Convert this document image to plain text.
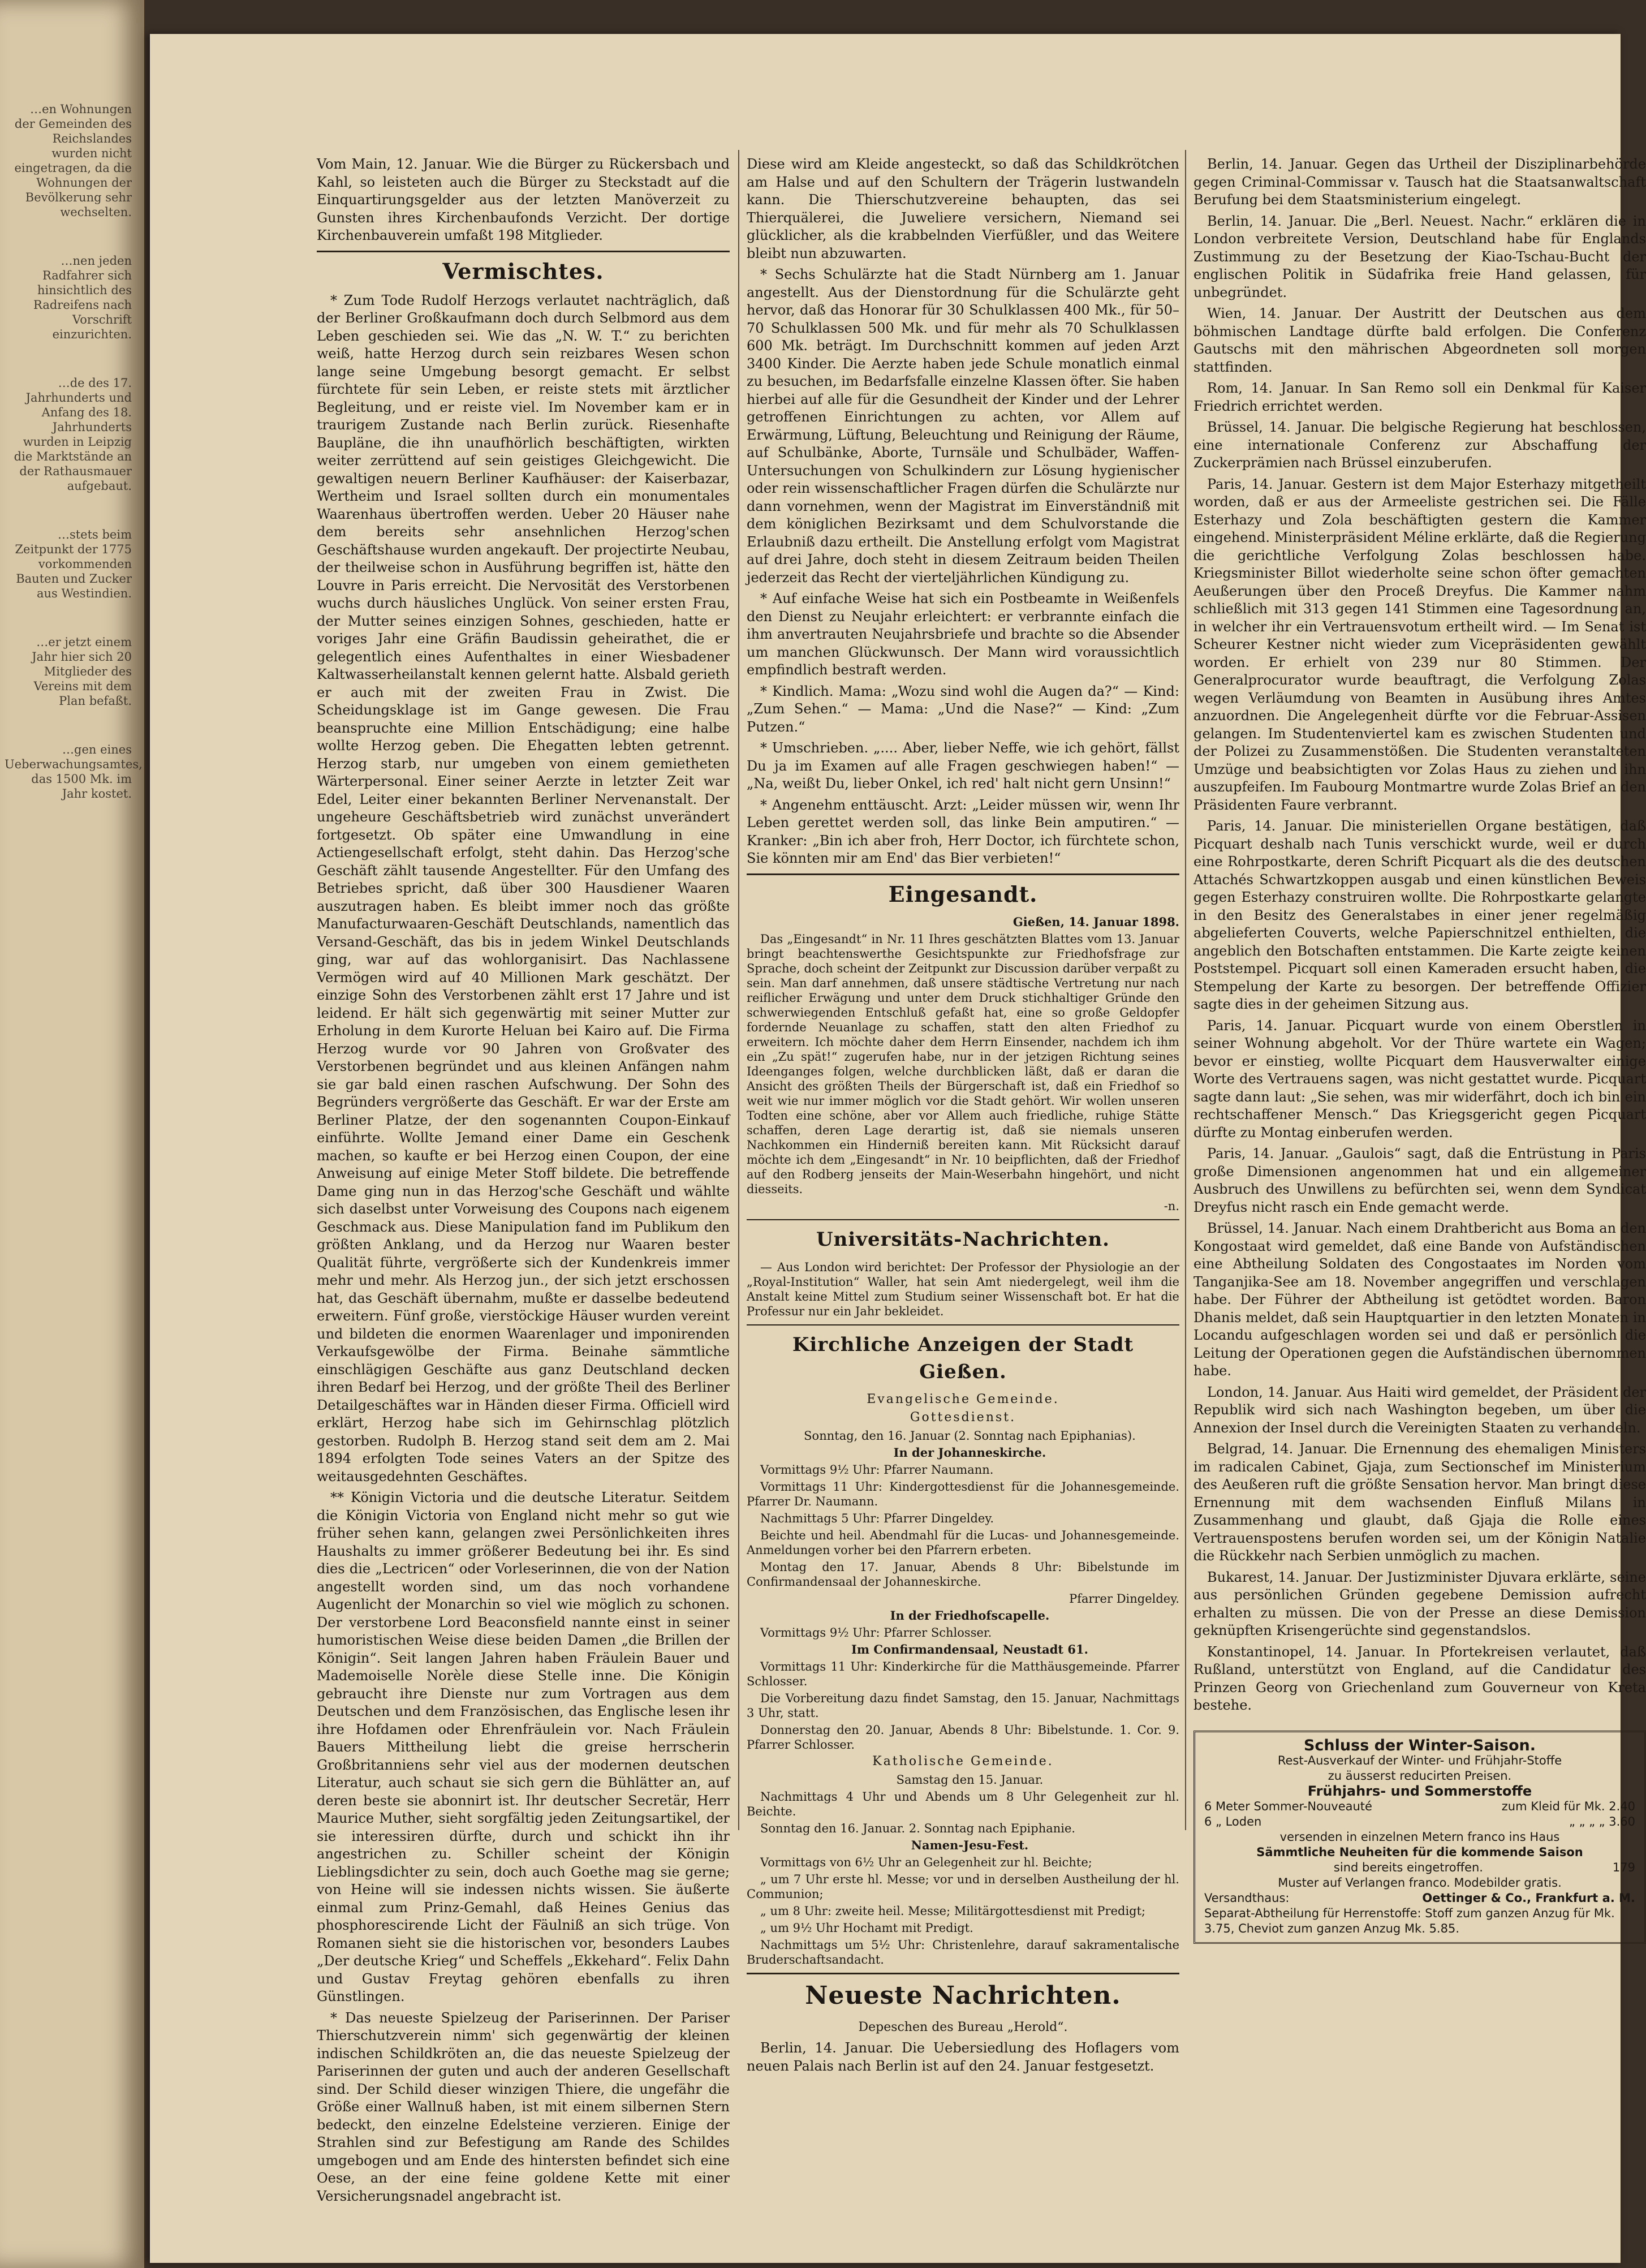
…en Wohnungen der Gemeinden des Reichslandes wurden nicht eingetragen, da die Wohnungen der Bevölkerung sehr wechselten.

…nen jeden Radfahrer sich hinsichtlich des Radreifens nach Vorschrift einzurichten.

…de des 17. Jahrhunderts und Anfang des 18. Jahrhunderts wurden in Leipzig die Marktstände an der Rathausmauer aufgebaut.

…stets beim Zeitpunkt der 1775 vorkommenden Bauten und Zucker aus Westindien.

…er jetzt einem Jahr hier sich 20 Mitglieder des Vereins mit dem Plan befaßt.

…gen eines Ueberwachungsamtes, das 1500 Mk. im Jahr kostet.

Vom Main, 12. Januar. Wie die Bürger zu Rückersbach und Kahl, so leisteten auch die Bürger zu Steckstadt auf die Einquartirungsgelder aus der letzten Manöverzeit zu Gunsten ihres Kirchenbaufonds Verzicht. Der dortige Kirchenbauverein umfaßt 198 Mitglieder.

Vermischtes.

* Zum Tode Rudolf Herzogs verlautet nachträglich, daß der Berliner Großkaufmann doch durch Selbmord aus dem Leben geschieden sei. Wie das „N. W. T.“ zu berichten weiß, hatte Herzog durch sein reizbares Wesen schon lange seine Umgebung besorgt gemacht. Er selbst fürchtete für sein Leben, er reiste stets mit ärztlicher Begleitung, und er reiste viel. Im November kam er in traurigem Zustande nach Berlin zurück. Riesenhafte Baupläne, die ihn unaufhörlich beschäftigten, wirkten weiter zerrüttend auf sein geistiges Gleichgewicht. Die gewaltigen neuern Berliner Kaufhäuser: der Kaiserbazar, Wertheim und Israel sollten durch ein monumentales Waarenhaus übertroffen werden. Ueber 20 Häuser nahe dem bereits sehr ansehnlichen Herzog'schen Geschäftshause wurden angekauft. Der projectirte Neubau, der theilweise schon in Ausführung begriffen ist, hätte den Louvre in Paris erreicht. Die Nervosität des Verstorbenen wuchs durch häusliches Unglück. Von seiner ersten Frau, der Mutter seines einzigen Sohnes, geschieden, hatte er voriges Jahr eine Gräfin Baudissin geheirathet, die er gelegentlich eines Aufenthaltes in einer Wiesbadener Kaltwasserheilanstalt kennen gelernt hatte. Alsbald gerieth er auch mit der zweiten Frau in Zwist. Die Scheidungsklage ist im Gange gewesen. Die Frau beanspruchte eine Million Entschädigung; eine halbe wollte Herzog geben. Die Ehegatten lebten getrennt. Herzog starb, nur umgeben von einem gemietheten Wärterpersonal. Einer seiner Aerzte in letzter Zeit war Edel, Leiter einer bekannten Berliner Nervenanstalt. Der ungeheure Geschäftsbetrieb wird zunächst unverändert fortgesetzt. Ob später eine Umwandlung in eine Actiengesellschaft erfolgt, steht dahin. Das Herzog'sche Geschäft zählt tausende Angestellter. Für den Umfang des Betriebes spricht, daß über 300 Hausdiener Waaren auszutragen haben. Es bleibt immer noch das größte Manufacturwaaren-Geschäft Deutschlands, namentlich das Versand-Geschäft, das bis in jedem Winkel Deutschlands ging, war auf das wohlorganisirt. Das Nachlassene Vermögen wird auf 40 Millionen Mark geschätzt. Der einzige Sohn des Verstorbenen zählt erst 17 Jahre und ist leidend. Er hält sich gegenwärtig mit seiner Mutter zur Erholung in dem Kurorte Heluan bei Kairo auf. Die Firma Herzog wurde vor 90 Jahren von Großvater des Verstorbenen begründet und aus kleinen Anfängen nahm sie gar bald einen raschen Aufschwung. Der Sohn des Begründers vergrößerte das Geschäft. Er war der Erste am Berliner Platze, der den sogenannten Coupon-Einkauf einführte. Wollte Jemand einer Dame ein Geschenk machen, so kaufte er bei Herzog einen Coupon, der eine Anweisung auf einige Meter Stoff bildete. Die betreffende Dame ging nun in das Herzog'sche Geschäft und wählte sich daselbst unter Vorweisung des Coupons nach eigenem Geschmack aus. Diese Manipulation fand im Publikum den größten Anklang, und da Herzog nur Waaren bester Qualität führte, vergrößerte sich der Kundenkreis immer mehr und mehr. Als Herzog jun., der sich jetzt erschossen hat, das Geschäft übernahm, mußte er dasselbe bedeutend erweitern. Fünf große, vierstöckige Häuser wurden vereint und bildeten die enormen Waarenlager und imponirenden Verkaufsgewölbe der Firma. Beinahe sämmtliche einschlägigen Geschäfte aus ganz Deutschland decken ihren Bedarf bei Herzog, und der größte Theil des Berliner Detailgeschäftes war in Händen dieser Firma. Officiell wird erklärt, Herzog habe sich im Gehirnschlag plötzlich gestorben. Rudolph B. Herzog stand seit dem am 2. Mai 1894 erfolgten Tode seines Vaters an der Spitze des weitausgedehnten Geschäftes.

** Königin Victoria und die deutsche Literatur. Seitdem die Königin Victoria von England nicht mehr so gut wie früher sehen kann, gelangen zwei Persönlichkeiten ihres Haushalts zu immer größerer Bedeutung bei ihr. Es sind dies die „Lectricen“ oder Vorleserinnen, die von der Nation angestellt worden sind, um das noch vorhandene Augenlicht der Monarchin so viel wie möglich zu schonen. Der verstorbene Lord Beaconsfield nannte einst in seiner humoristischen Weise diese beiden Damen „die Brillen der Königin“. Seit langen Jahren haben Fräulein Bauer und Mademoiselle Norèle diese Stelle inne. Die Königin gebraucht ihre Dienste nur zum Vortragen aus dem Deutschen und dem Französischen, das Englische lesen ihr ihre Hofdamen oder Ehrenfräulein vor. Nach Fräulein Bauers Mittheilung liebt die greise herrscherin Großbritanniens sehr viel aus der modernen deutschen Literatur, auch schaut sie sich gern die Bühlätter an, auf deren beste sie abonnirt ist. Ihr deutscher Secretär, Herr Maurice Muther, sieht sorgfältig jeden Zeitungsartikel, der sie interessiren dürfte, durch und schickt ihn ihr angestrichen zu. Schiller scheint der Königin Lieblingsdichter zu sein, doch auch Goethe mag sie gerne; von Heine will sie indessen nichts wissen. Sie äußerte einmal zum Prinz-Gemahl, daß Heines Genius das phosphorescirende Licht der Fäulniß an sich trüge. Von Romanen sieht sie die historischen vor, besonders Laubes „Der deutsche Krieg“ und Scheffels „Ekkehard“. Felix Dahn und Gustav Freytag gehören ebenfalls zu ihren Günstlingen.

* Das neueste Spielzeug der Pariserinnen. Der Pariser Thierschutzverein nimm' sich gegenwärtig der kleinen indischen Schildkröten an, die das neueste Spielzeug der Pariserinnen der guten und auch der anderen Gesellschaft sind. Der Schild dieser winzigen Thiere, die ungefähr die Größe einer Wallnuß haben, ist mit einem silbernen Stern bedeckt, den einzelne Edelsteine verzieren. Einige der Strahlen sind zur Befestigung am Rande des Schildes umgebogen und am Ende des hintersten befindet sich eine Oese, an der eine feine goldene Kette mit einer Versicherungsnadel angebracht ist.

Diese wird am Kleide angesteckt, so daß das Schildkrötchen am Halse und auf den Schultern der Trägerin lustwandeln kann. Die Thierschutzvereine behaupten, das sei Thierquälerei, die Juweliere versichern, Niemand sei glücklicher, als die krabbelnden Vierfüßler, und das Weitere bleibt nun abzuwarten.

* Sechs Schulärzte hat die Stadt Nürnberg am 1. Januar angestellt. Aus der Dienstordnung für die Schulärzte geht hervor, daß das Honorar für 30 Schulklassen 400 Mk., für 50–70 Schulklassen 500 Mk. und für mehr als 70 Schulklassen 600 Mk. beträgt. Im Durchschnitt kommen auf jeden Arzt 3400 Kinder. Die Aerzte haben jede Schule monatlich einmal zu besuchen, im Bedarfsfalle einzelne Klassen öfter. Sie haben hierbei auf alle für die Gesundheit der Kinder und der Lehrer getroffenen Einrichtungen zu achten, vor Allem auf Erwärmung, Lüftung, Beleuchtung und Reinigung der Räume, auf Schulbänke, Aborte, Turnsäle und Schulbäder, Waffen-Untersuchungen von Schulkindern zur Lösung hygienischer oder rein wissenschaftlicher Fragen dürfen die Schulärzte nur dann vornehmen, wenn der Magistrat im Einverständniß mit dem königlichen Bezirksamt und dem Schulvorstande die Erlaubniß dazu ertheilt. Die Anstellung erfolgt vom Magistrat auf drei Jahre, doch steht in diesem Zeitraum beiden Theilen jederzeit das Recht der vierteljährlichen Kündigung zu.

* Auf einfache Weise hat sich ein Postbeamte in Weißenfels den Dienst zu Neujahr erleichtert: er verbrannte einfach die ihm anvertrauten Neujahrsbriefe und brachte so die Absender um manchen Glückwunsch. Der Mann wird voraussichtlich empfindlich bestraft werden.

* Kindlich. Mama: „Wozu sind wohl die Augen da?“ — Kind: „Zum Sehen.“ — Mama: „Und die Nase?“ — Kind: „Zum Putzen.“

* Umschrieben. „.... Aber, lieber Neffe, wie ich gehört, fällst Du ja im Examen auf alle Fragen geschwiegen haben!“ — „Na, weißt Du, lieber Onkel, ich red' halt nicht gern Unsinn!“

* Angenehm enttäuscht. Arzt: „Leider müssen wir, wenn Ihr Leben gerettet werden soll, das linke Bein amputiren.“ — Kranker: „Bin ich aber froh, Herr Doctor, ich fürchtete schon, Sie könnten mir am End' das Bier verbieten!“

Eingesandt.

Gießen, 14. Januar 1898.

Das „Eingesandt“ in Nr. 11 Ihres geschätzten Blattes vom 13. Januar bringt beachtenswerthe Gesichtspunkte zur Friedhofsfrage zur Sprache, doch scheint der Zeitpunkt zur Discussion darüber verpaßt zu sein. Man darf annehmen, daß unsere städtische Vertretung nur nach reiflicher Erwägung und unter dem Druck stichhaltiger Gründe den schwerwiegenden Entschluß gefaßt hat, eine so große Geldopfer fordernde Neuanlage zu schaffen, statt den alten Friedhof zu erweitern. Ich möchte daher dem Herrn Einsender, nachdem ich ihm ein „Zu spät!“ zugerufen habe, nur in der jetzigen Richtung seines Ideenganges folgen, welche durchblicken läßt, daß er daran die Ansicht des größten Theils der Bürgerschaft ist, daß ein Friedhof so weit wie nur immer möglich vor die Stadt gehört. Wir wollen unseren Todten eine schöne, aber vor Allem auch friedliche, ruhige Stätte schaffen, deren Lage derartig ist, daß sie niemals unseren Nachkommen ein Hinderniß bereiten kann. Mit Rücksicht darauf möchte ich dem „Eingesandt“ in Nr. 10 beipflichten, daß der Friedhof auf den Rodberg jenseits der Main-Weserbahn hingehört, und nicht diesseits.

-n.

Universitäts-Nachrichten.

— Aus London wird berichtet: Der Professor der Physiologie an der „Royal-Institution“ Waller, hat sein Amt niedergelegt, weil ihm die Anstalt keine Mittel zum Studium seiner Wissenschaft bot. Er hat die Professur nur ein Jahr bekleidet.

Kirchliche Anzeigen der Stadt Gießen.
Evangelische Gemeinde.
Gottesdienst.

Sonntag, den 16. Januar (2. Sonntag nach Epiphanias).

In der Johanneskirche.

Vormittags 9½ Uhr: Pfarrer Naumann.

Vormittags 11 Uhr: Kindergottesdienst für die Johannesgemeinde. Pfarrer Dr. Naumann.

Nachmittags 5 Uhr: Pfarrer Dingeldey.

Beichte und heil. Abendmahl für die Lucas- und Johannesgemeinde. Anmeldungen vorher bei den Pfarrern erbeten.

Montag den 17. Januar, Abends 8 Uhr: Bibelstunde im Confirmandensaal der Johanneskirche.

Pfarrer Dingeldey.

In der Friedhofscapelle.

Vormittags 9½ Uhr: Pfarrer Schlosser.

Im Confirmandensaal, Neustadt 61.

Vormittags 11 Uhr: Kinderkirche für die Matthäusgemeinde. Pfarrer Schlosser.

Die Vorbereitung dazu findet Samstag, den 15. Januar, Nachmittags 3 Uhr, statt.

Donnerstag den 20. Januar, Abends 8 Uhr: Bibelstunde. 1. Cor. 9. Pfarrer Schlosser.

Katholische Gemeinde.

Samstag den 15. Januar.

Nachmittags 4 Uhr und Abends um 8 Uhr Gelegenheit zur hl. Beichte.

Sonntag den 16. Januar. 2. Sonntag nach Epiphanie.

Namen-Jesu-Fest.

Vormittags von 6½ Uhr an Gelegenheit zur hl. Beichte;

„ um 7 Uhr erste hl. Messe; vor und in derselben Austheilung der hl. Communion;

„ um 8 Uhr: zweite heil. Messe; Militärgottesdienst mit Predigt;

„ um 9½ Uhr Hochamt mit Predigt.

Nachmittags um 5½ Uhr: Christenlehre, darauf sakramentalische Bruderschaftsandacht.

Neueste Nachrichten.
Depeschen des Bureau „Herold“.

Berlin, 14. Januar. Die Uebersiedlung des Hoflagers vom neuen Palais nach Berlin ist auf den 24. Januar festgesetzt.

Berlin, 14. Januar. Gegen das Urtheil der Disziplinarbehörde gegen Criminal-Commissar v. Tausch hat die Staatsanwaltschaft Berufung bei dem Staatsministerium eingelegt.

Berlin, 14. Januar. Die „Berl. Neuest. Nachr.“ erklären die in London verbreitete Version, Deutschland habe für Englands Zustimmung zu der Besetzung der Kiao-Tschau-Bucht der englischen Politik in Südafrika freie Hand gelassen, für unbegründet.

Wien, 14. Januar. Der Austritt der Deutschen aus dem böhmischen Landtage dürfte bald erfolgen. Die Conferenz Gautschs mit den mährischen Abgeordneten soll morgen stattfinden.

Rom, 14. Januar. In San Remo soll ein Denkmal für Kaiser Friedrich errichtet werden.

Brüssel, 14. Januar. Die belgische Regierung hat beschlossen, eine internationale Conferenz zur Abschaffung der Zuckerprämien nach Brüssel einzuberufen.

Paris, 14. Januar. Gestern ist dem Major Esterhazy mitgetheilt worden, daß er aus der Armeeliste gestrichen sei. Die Fälle Esterhazy und Zola beschäftigten gestern die Kammer eingehend. Ministerpräsident Méline erklärte, daß die Regierung die gerichtliche Verfolgung Zolas beschlossen habe. Kriegsminister Billot wiederholte seine schon öfter gemachten Aeußerungen über den Proceß Dreyfus. Die Kammer nahm schließlich mit 313 gegen 141 Stimmen eine Tagesordnung an, in welcher ihr ein Vertrauensvotum ertheilt wird. — Im Senat ist Scheurer Kestner nicht wieder zum Vicepräsidenten gewählt worden. Er erhielt von 239 nur 80 Stimmen. Der Generalprocurator wurde beauftragt, die Verfolgung Zolas wegen Verläumdung von Beamten in Ausübung ihres Amtes anzuordnen. Die Angelegenheit dürfte vor die Februar-Assisen gelangen. Im Studentenviertel kam es zwischen Studenten und der Polizei zu Zusammenstößen. Die Studenten veranstalteten Umzüge und beabsichtigten vor Zolas Haus zu ziehen und ihn auszupfeifen. Im Faubourg Montmartre wurde Zolas Brief an den Präsidenten Faure verbrannt.

Paris, 14. Januar. Die ministeriellen Organe bestätigen, daß Picquart deshalb nach Tunis verschickt wurde, weil er durch eine Rohrpostkarte, deren Schrift Picquart als die des deutschen Attachés Schwartzkoppen ausgab und einen künstlichen Beweis gegen Esterhazy construiren wollte. Die Rohrpostkarte gelangte in den Besitz des Generalstabes in einer jener regelmäßig abgelieferten Couverts, welche Papierschnitzel enthielten, die angeblich den Botschaften entstammen. Die Karte zeigte keinen Poststempel. Picquart soll einen Kameraden ersucht haben, die Stempelung der Karte zu besorgen. Der betreffende Offizier sagte dies in der geheimen Sitzung aus.

Paris, 14. Januar. Picquart wurde von einem Oberstlen in seiner Wohnung abgeholt. Vor der Thüre wartete ein Wagen; bevor er einstieg, wollte Picquart dem Hausverwalter einige Worte des Vertrauens sagen, was nicht gestattet wurde. Picquart sagte dann laut: „Sie sehen, was mir widerfährt, doch ich bin ein rechtschaffener Mensch.“ Das Kriegsgericht gegen Picquart dürfte zu Montag einberufen werden.

Paris, 14. Januar. „Gaulois“ sagt, daß die Entrüstung in Paris große Dimensionen angenommen hat und ein allgemeiner Ausbruch des Unwillens zu befürchten sei, wenn dem Syndicat Dreyfus nicht rasch ein Ende gemacht werde.

Brüssel, 14. Januar. Nach einem Drahtbericht aus Boma an den Kongostaat wird gemeldet, daß eine Bande von Aufständischen eine Abtheilung Soldaten des Congostaates im Norden vom Tanganjika-See am 18. November angegriffen und verschlagen habe. Der Führer der Abtheilung ist getödtet worden. Baron Dhanis meldet, daß sein Hauptquartier in den letzten Monaten in Locandu aufgeschlagen worden sei und daß er persönlich die Leitung der Operationen gegen die Aufständischen übernommen habe.

London, 14. Januar. Aus Haiti wird gemeldet, der Präsident der Republik wird sich nach Washington begeben, um über die Annexion der Insel durch die Vereinigten Staaten zu verhandeln.

Belgrad, 14. Januar. Die Ernennung des ehemaligen Ministers im radicalen Cabinet, Gjaja, zum Sectionschef im Ministerium des Aeußeren ruft die größte Sensation hervor. Man bringt diese Ernennung mit dem wachsenden Einfluß Milans in Zusammenhang und glaubt, daß Gjaja die Rolle eines Vertrauenspostens berufen worden sei, um der Königin Natalie die Rückkehr nach Serbien unmöglich zu machen.

Bukarest, 14. Januar. Der Justizminister Djuvara erklärte, seine aus persönlichen Gründen gegebene Demission aufrecht erhalten zu müssen. Die von der Presse an diese Demission geknüpften Krisengerüchte sind gegenstandslos.

Konstantinopel, 14. Januar. In Pfortekreisen verlautet, daß Rußland, unterstützt von England, auf die Candidatur des Prinzen Georg von Griechenland zum Gouverneur von Kreta bestehe.

Schluss der Winter-Saison.

Rest-Ausverkauf der Winter- und Frühjahr-Stoffe

zu äusserst reducirten Preisen.

Frühjahrs- und Sommerstoffe

6 Meter Sommer-Nouveauté	zum Kleid für Mk. 2.40
6 „ Loden	„ „ „ „ 3.60

versenden in einzelnen Metern franco ins Haus

Sämmtliche Neuheiten für die kommende Saison

sind bereits eingetroffen.	179

Muster auf Verlangen franco. Modebilder gratis.

Versandthaus:	Oettinger & Co., Frankfurt a. M.

Separat-Abtheilung für Herrenstoffe: Stoff zum ganzen Anzug für Mk. 3.75, Cheviot zum ganzen Anzug Mk. 5.85.
